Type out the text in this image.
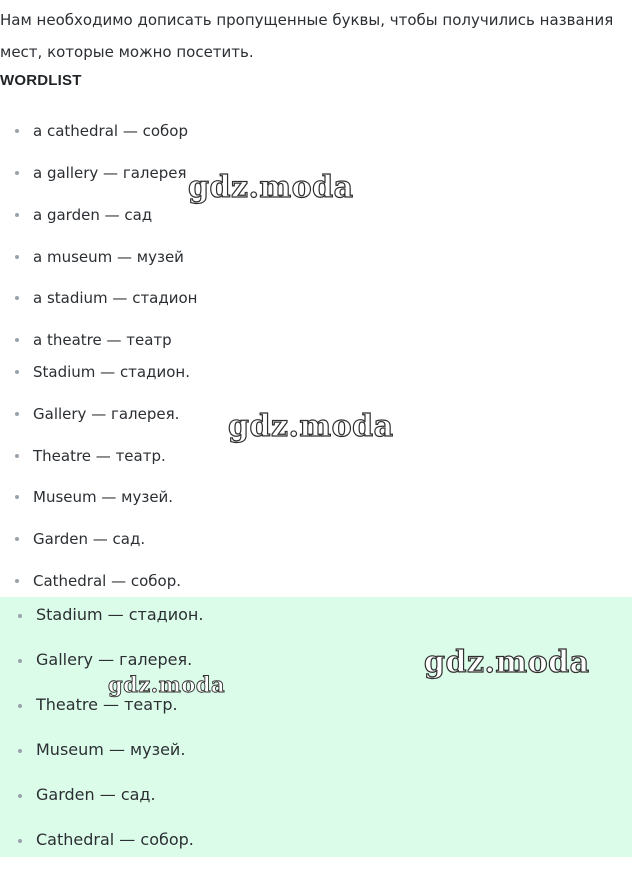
Нам необходимо дописать пропущенные буквы, чтобы получились названия мест, которые можно посетить.

WORDLIST
a cathedral — собор
a gallery — галерея
a garden — сад
a museum — музей
a stadium — стадион
a theatre — театр
Stadium — стадион.
Gallery — галерея.
Theatre — театр.
Museum — музей.
Garden — сад.
Cathedral — собор.
Stadium — стадион.
Gallery — галерея.
Theatre — театр.
Museum — музей.
Garden — сад.
Cathedral — собор.
gdz.moda
gdz.moda
gdz.moda
gdz.moda
